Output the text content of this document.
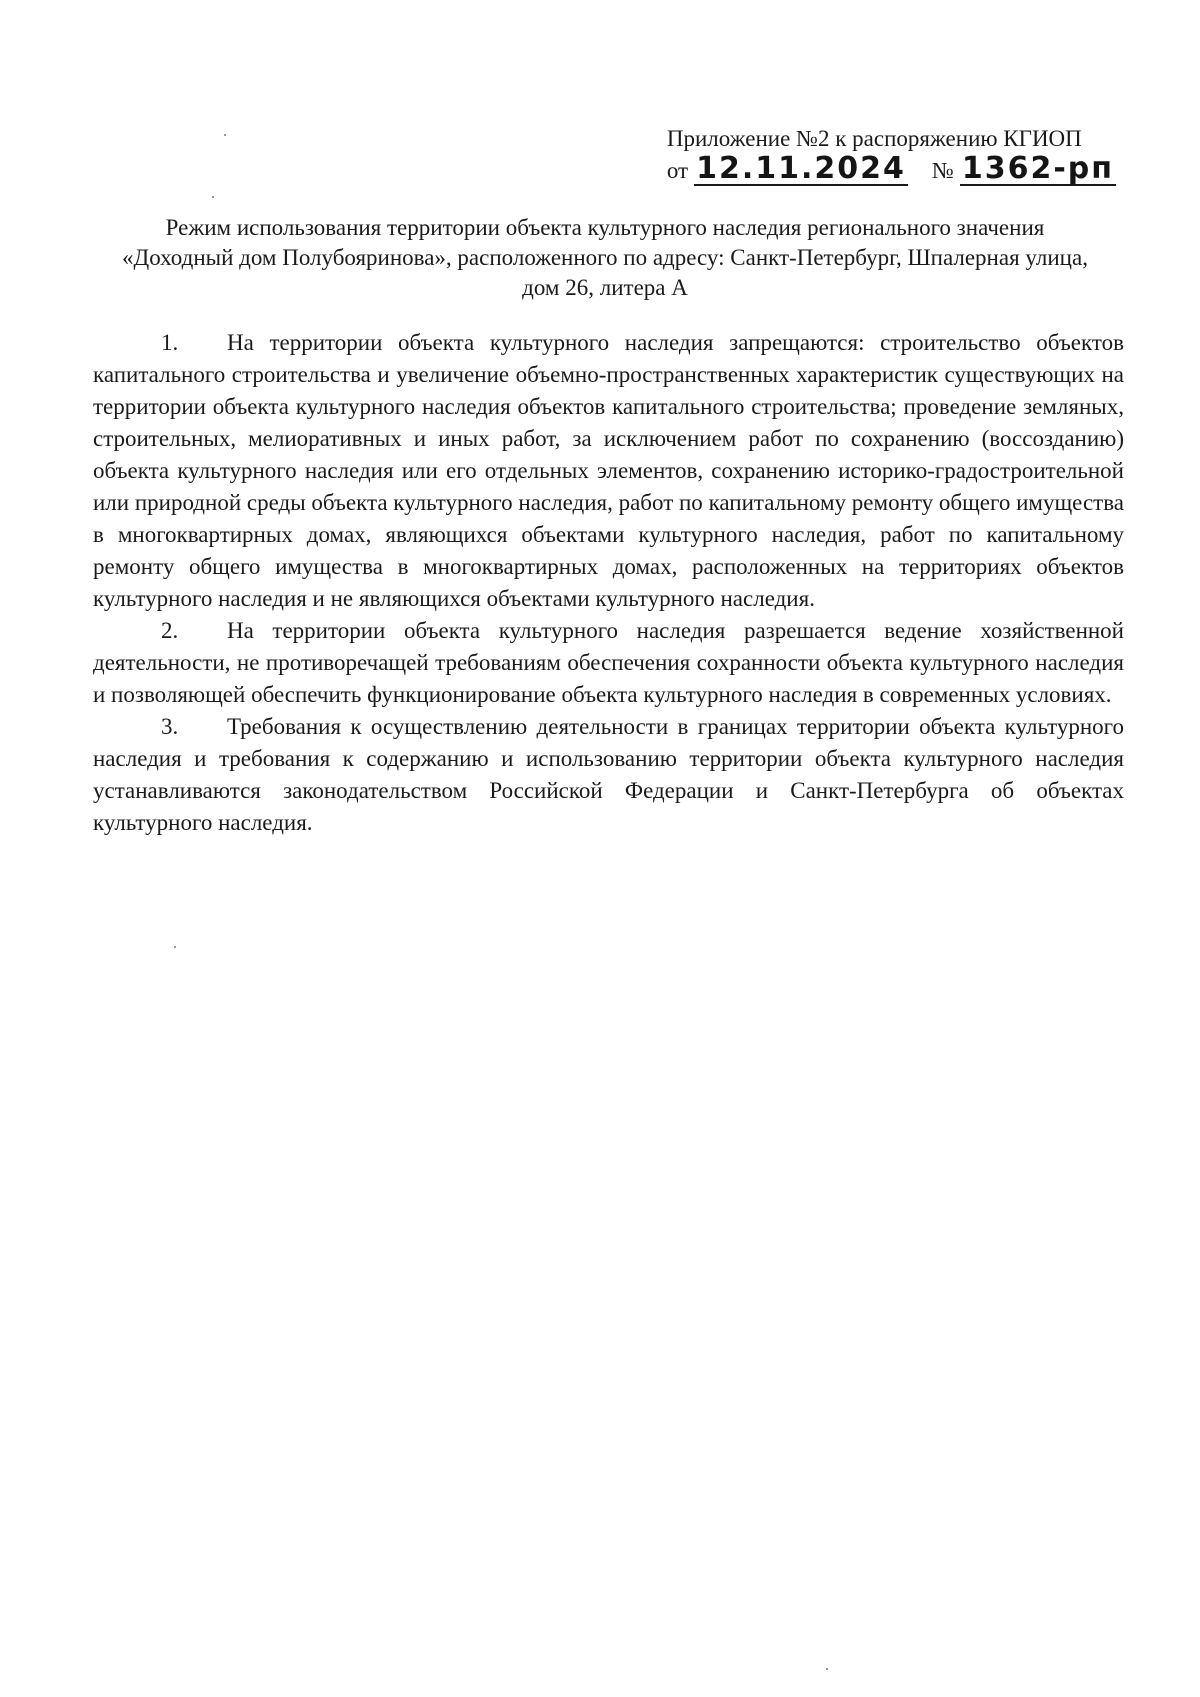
Приложение №2 к распоряжению КГИОП
от 12.11.2024 № 1362-рп
Режим использования территории объекта культурного наследия регионального значения
«Доходный дом Полубояринова», расположенного по адресу: Санкт-Петербург, Шпалерная улица,
дом 26, литера А

1. На территории объекта культурного наследия запрещаются: строительство объектов капитального строительства и увеличение объемно-пространственных характеристик существующих на территории объекта культурного наследия объектов капитального строительства; проведение земляных, строительных, мелиоративных и иных работ, за исключением работ по сохранению (воссозданию) объекта культурного наследия или его отдельных элементов, сохранению историко-градостроительной или природной среды объекта культурного наследия, работ по капитальному ремонту общего имущества в многоквартирных домах, являющихся объектами культурного наследия, работ по капитальному ремонту общего имущества в многоквартирных домах, расположенных на территориях объектов культурного наследия и не являющихся объектами культурного наследия.

2. На территории объекта культурного наследия разрешается ведение хозяйственной деятельности, не противоречащей требованиям обеспечения сохранности объекта культурного наследия и позволяющей обеспечить функционирование объекта культурного наследия в современных условиях.

3. Требования к осуществлению деятельности в границах территории объекта культурного наследия и требования к содержанию и использованию территории объекта культурного наследия устанавливаются законодательством Российской Федерации и Санкт-Петербурга об объектах культурного наследия.
